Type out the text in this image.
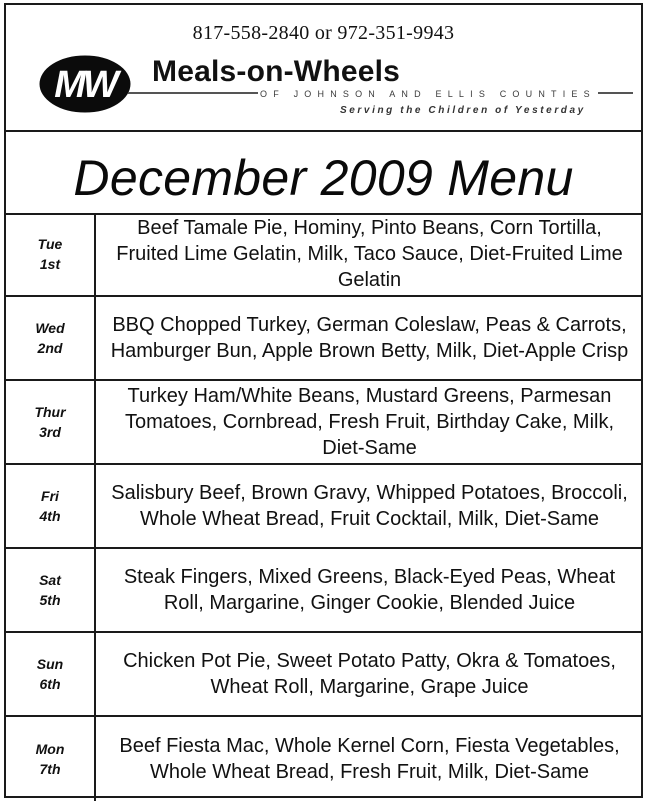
817-558-2840 or 972-351-9943
MW Meals-on-Wheels
OF JOHNSON AND ELLIS COUNTIES
Serving the Children of Yesterday
December 2009 Menu
Tue
1st
Beef Tamale Pie, Hominy, Pinto Beans, Corn Tortilla, Fruited Lime Gelatin, Milk, Taco Sauce, Diet-Fruited Lime Gelatin
Wed
2nd
BBQ Chopped Turkey, German Coleslaw, Peas & Carrots, Hamburger Bun, Apple Brown Betty, Milk, Diet-Apple Crisp
Thur
3rd
Turkey Ham/White Beans, Mustard Greens, Parmesan Tomatoes, Cornbread, Fresh Fruit, Birthday Cake, Milk, Diet-Same
Fri
4th
Salisbury Beef, Brown Gravy, Whipped Potatoes, Broccoli, Whole Wheat Bread, Fruit Cocktail, Milk, Diet-Same
Sat
5th
Steak Fingers, Mixed Greens, Black-Eyed Peas, Wheat Roll, Margarine, Ginger Cookie, Blended Juice
Sun
6th
Chicken Pot Pie, Sweet Potato Patty, Okra & Tomatoes, Wheat Roll, Margarine, Grape Juice
Mon
7th
Beef Fiesta Mac, Whole Kernel Corn, Fiesta Vegetables, Whole Wheat Bread, Fresh Fruit, Milk, Diet-Same
